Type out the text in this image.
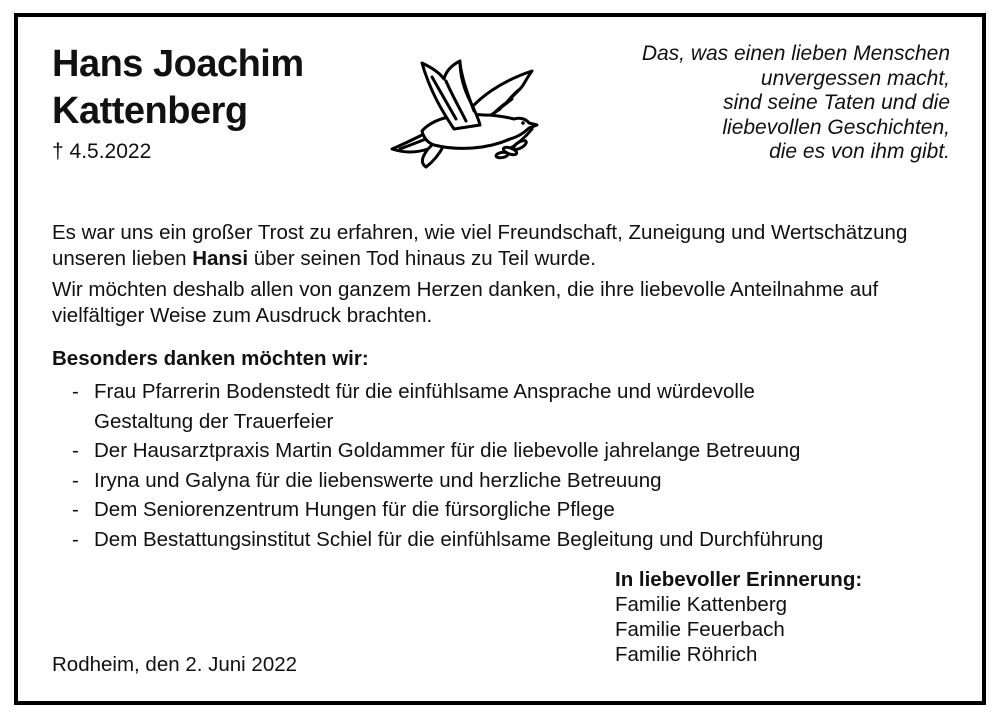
Hans Joachim
Kattenberg
† 4.5.2022
Das, was einen lieben Menschen
unvergessen macht,
sind seine Taten und die
liebevollen Geschichten,
die es von ihm gibt.
Es war uns ein großer Trost zu erfahren, wie viel Freundschaft, Zuneigung und Wertschätzung unseren lieben Hansi über seinen Tod hinaus zu Teil wurde.
Wir möchten deshalb allen von ganzem Herzen danken, die ihre liebevolle Anteilnahme auf vielfältiger Weise zum Ausdruck brachten.
Besonders danken möchten wir:
- Frau Pfarrerin Bodenstedt für die einfühlsame Ansprache und würdevolle
Gestaltung der Trauerfeier
- Der Hausarztpraxis Martin Goldammer für die liebevolle jahrelange Betreuung
- Iryna und Galyna für die liebenswerte und herzliche Betreuung
- Dem Seniorenzentrum Hungen für die fürsorgliche Pflege
- Dem Bestattungsinstitut Schiel für die einfühlsame Begleitung und Durchführung
In liebevoller Erinnerung:
Familie Kattenberg
Familie Feuerbach
Familie Röhrich
Rodheim, den 2. Juni 2022
